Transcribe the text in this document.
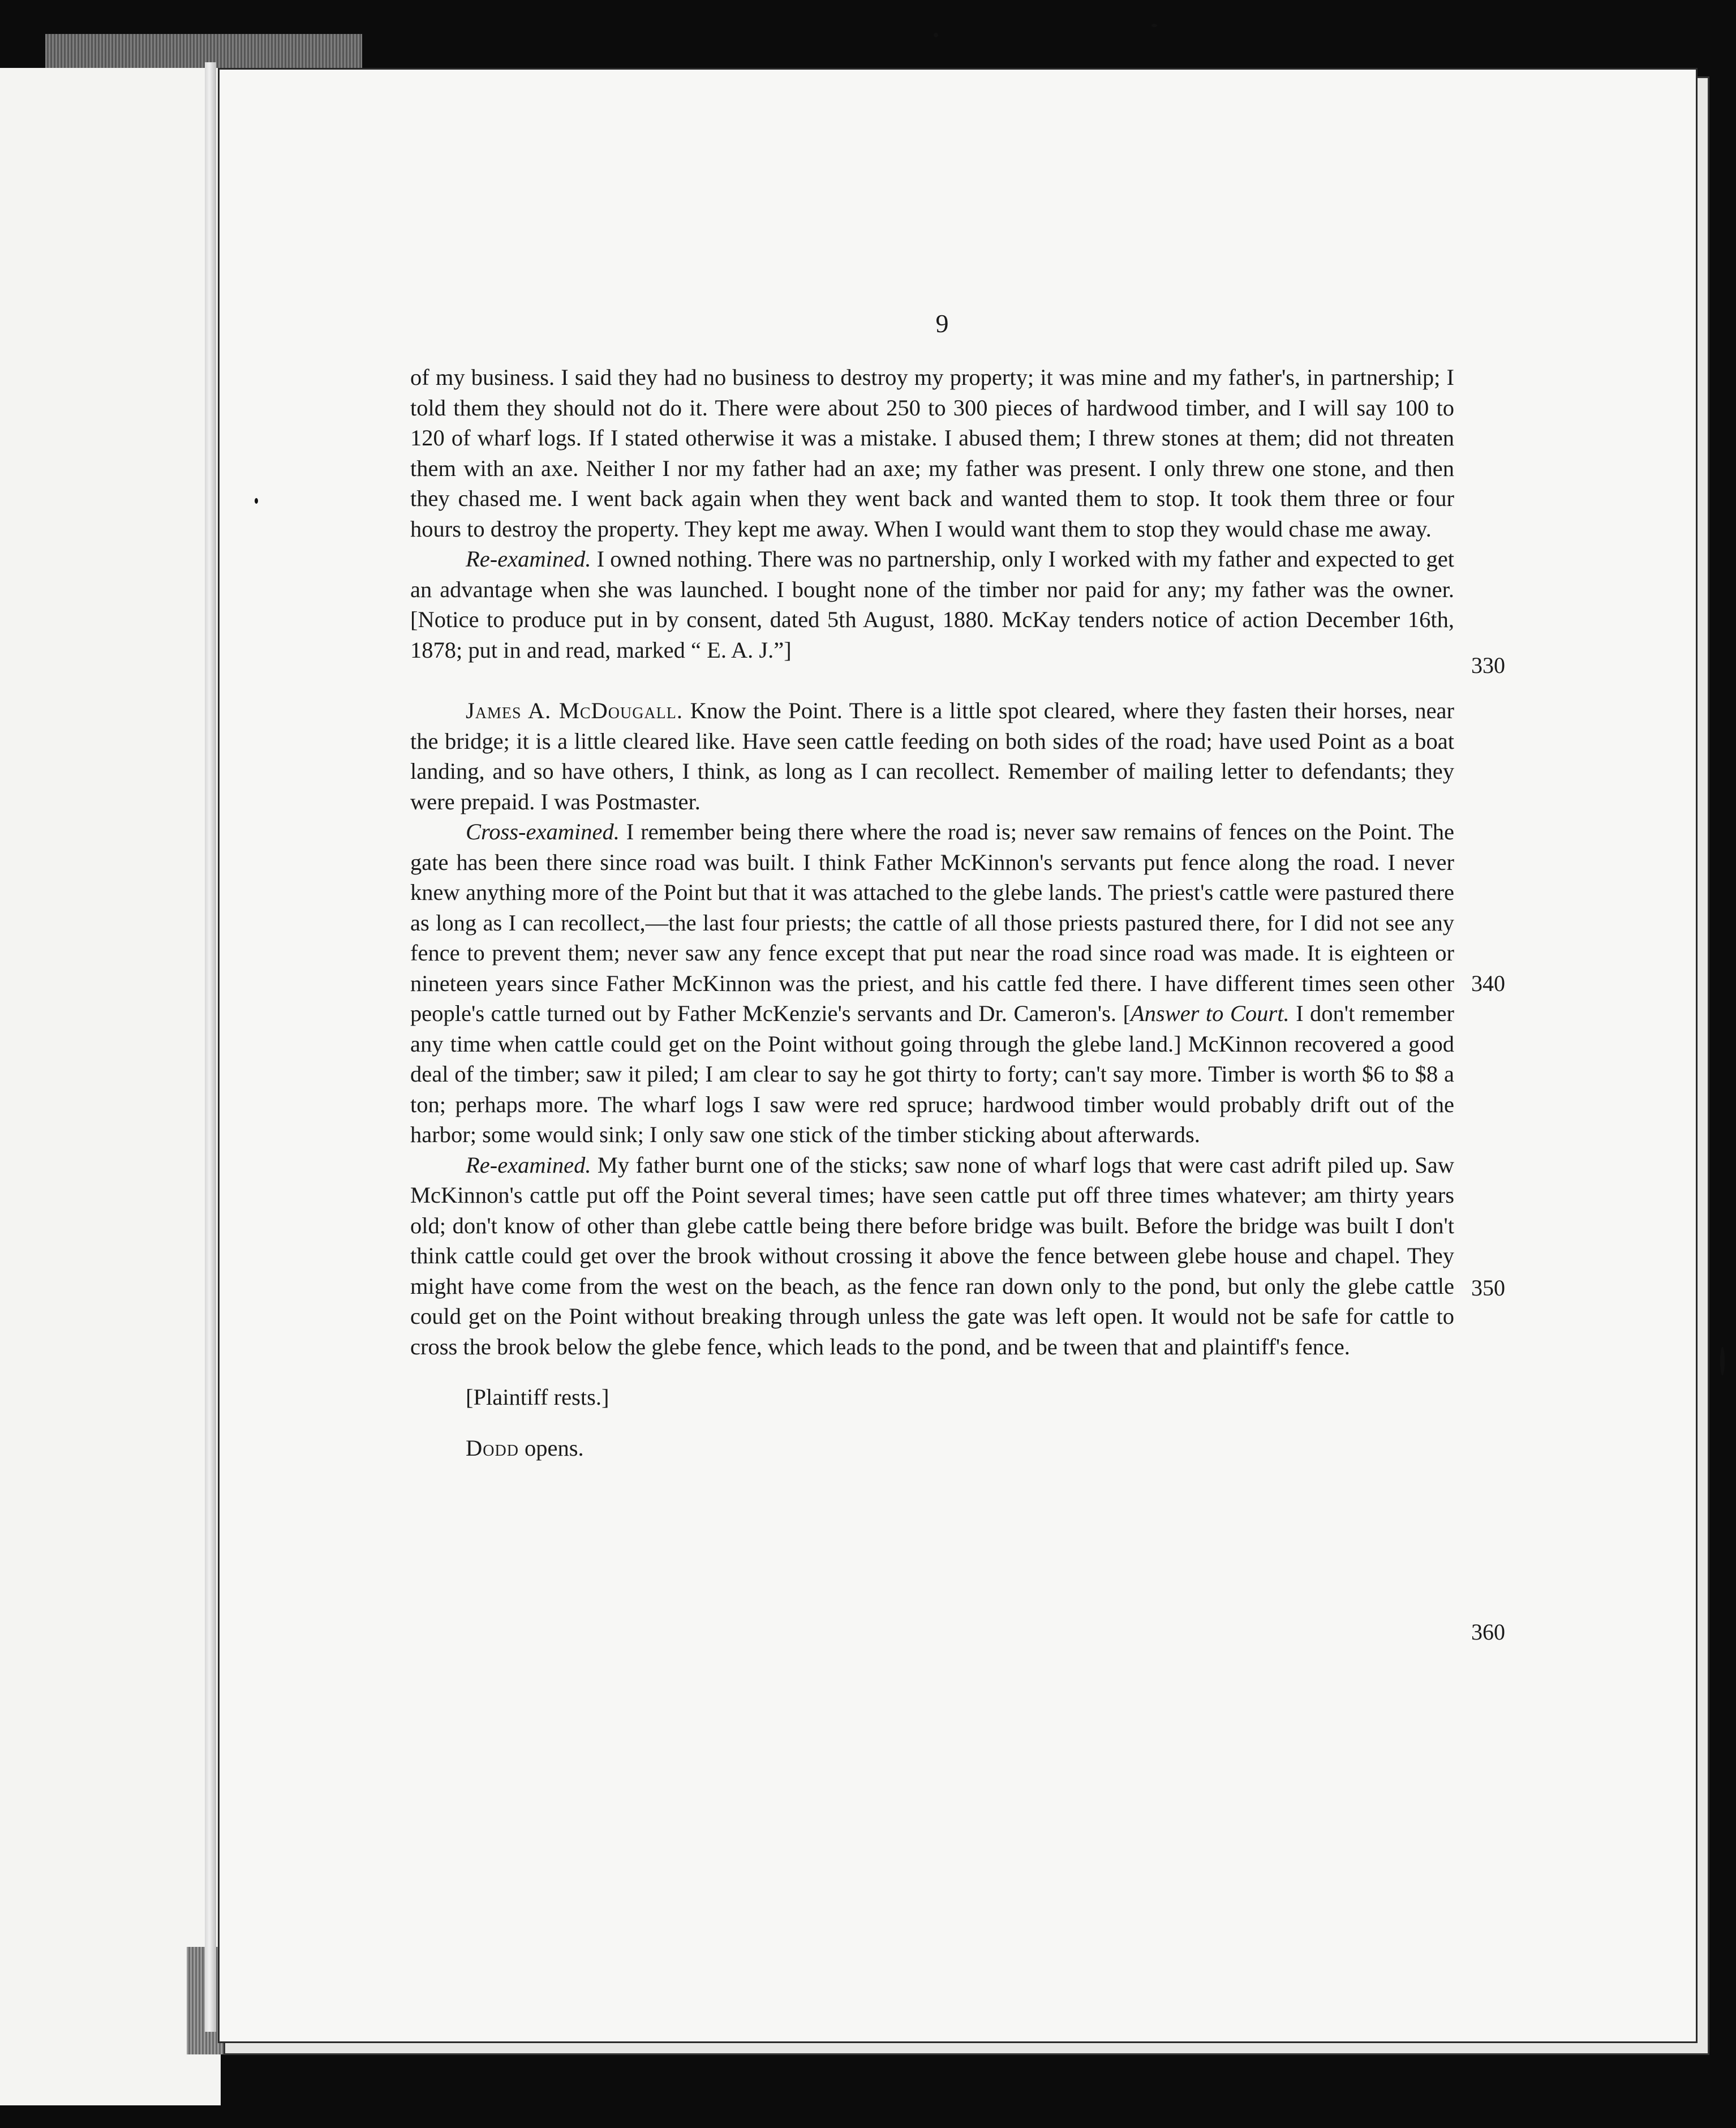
9

of my business. I said they had no business to destroy my property; it was mine and my father's, in partnership; I told them they should not do it. There were about 250 to 300 pieces of hardwood timber, and I will say 100 to 120 of wharf logs. If I stated otherwise it was a mistake. I abused them; I threw stones at them; did not threaten them with an axe. Neither I nor my father had an axe; my father was present. I only threw one stone, and then they chased me. I went back again when they went back and wanted them to stop. It took them three or four hours to destroy the property. They kept me away. When I would want them to stop they would chase me away.

Re-examined. I owned nothing. There was no partnership, only I worked with my father and expected to get an advantage when she was launched. I bought none of the timber nor paid for any; my father was the owner. [Notice to produce put in by consent, dated 5th August, 1880. McKay tenders notice of action December 16th, 1878; put in and read, marked “ E. A. J.”]

James A. McDougall. Know the Point. There is a little spot cleared, where they fasten their horses, near the bridge; it is a little cleared like. Have seen cattle feeding on both sides of the road; have used Point as a boat landing, and so have others, I think, as long as I can recollect. Remember of mailing letter to defendants; they were prepaid. I was Postmaster.

Cross-examined. I remember being there where the road is; never saw remains of fences on the Point. The gate has been there since road was built. I think Father McKinnon's servants put fence along the road. I never knew anything more of the Point but that it was attached to the glebe lands. The priest's cattle were pastured there as long as I can recollect,—the last four priests; the cattle of all those priests pastured there, for I did not see any fence to prevent them; never saw any fence except that put near the road since road was made. It is eighteen or nineteen years since Father McKinnon was the priest, and his cattle fed there. I have different times seen other people's cattle turned out by Father McKenzie's servants and Dr. Cameron's. [Answer to Court. I don't remember any time when cattle could get on the Point without going through the glebe land.] McKinnon recovered a good deal of the timber; saw it piled; I am clear to say he got thirty to forty; can't say more. Timber is worth $6 to $8 a ton; perhaps more. The wharf logs I saw were red spruce; hardwood timber would probably drift out of the harbor; some would sink; I only saw one stick of the timber sticking about afterwards.

Re-examined. My father burnt one of the sticks; saw none of wharf logs that were cast adrift piled up. Saw McKinnon's cattle put off the Point several times; have seen cattle put off three times whatever; am thirty years old; don't know of other than glebe cattle being there before bridge was built. Before the bridge was built I don't think cattle could get over the brook without crossing it above the fence between glebe house and chapel. They might have come from the west on the beach, as the fence ran down only to the pond, but only the glebe cattle could get on the Point without breaking through unless the gate was left open. It would not be safe for cattle to cross the brook below the glebe fence, which leads to the pond, and be tween that and plaintiff's fence.

[Plaintiff rests.]

Dodd opens.

330
340
350
360
